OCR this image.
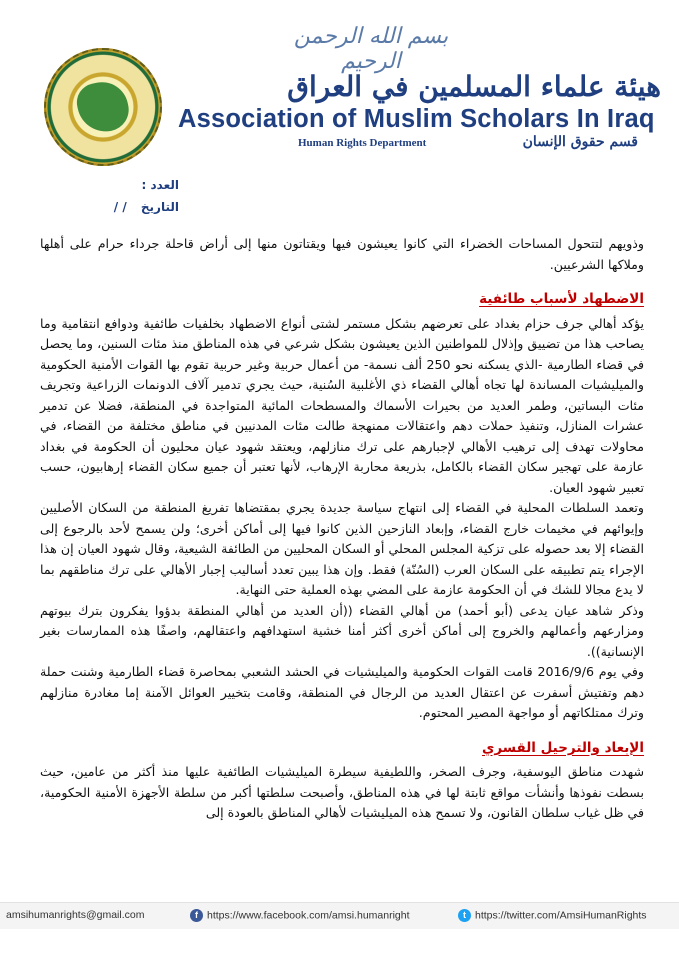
بسم الله الرحمن الرحيم
هيئة علماء المسلمين في العراق
Association of Muslim Scholars In Iraq
Human Rights Department	قسم حقوق الإنسان
العدد :
التاريخ / /

وذويهم لتتحول المساحات الخضراء التي كانوا يعيشون فيها ويقتاتون منها إلى أراض قاحلة جرداء حرام على أهلها وملاكها الشرعيين.

الاضطهاد لأسباب طائفية

يؤكد أهالي جرف حزام بغداد على تعرضهم بشكل مستمر لشتى أنواع الاضطهاد بخلفيات طائفية ودوافع انتقامية وما يصاحب هذا من تضييق وإذلال للمواطنين الذين يعيشون بشكل شرعي في هذه المناطق منذ مئات السنين، وما يحصل في قضاء الطارمية -الذي يسكنه نحو 250 ألف نسمة- من أعمال حربية وغير حربية تقوم بها القوات الأمنية الحكومية والميليشيات المساندة لها تجاه أهالي القضاء ذي الأغلبية السُنية، حيث يجري تدمير آلاف الدونمات الزراعية وتجريف مئات البساتين، وطمر العديد من بحيرات الأسماك والمسطحات المائية المتواجدة في المنطقة، فضلا عن تدمير عشرات المنازل، وتنفيذ حملات دهم واعتقالات ممنهجة طالت مئات المدنيين في مناطق مختلفة من القضاء، في محاولات تهدف إلى ترهيب الأهالي لإجبارهم على ترك منازلهم، ويعتقد شهود عيان محليون أن الحكومة في بغداد عازمة على تهجير سكان القضاء بالكامل، بذريعة محاربة الإرهاب، لأنها تعتبر أن جميع سكان القضاء إرهابيون، حسب تعبير شهود العيان.

وتعمد السلطات المحلية في القضاء إلى انتهاج سياسة جديدة يجري بمقتضاها تفريغ المنطقة من السكان الأصليين وإيوائهم في مخيمات خارج القضاء، وإبعاد النازحين الذين كانوا فيها إلى أماكن أخرى؛ ولن يسمح لأحد بالرجوع إلى القضاء إلا بعد حصوله على تزكية المجلس المحلي أو السكان المحليين من الطائفة الشيعية، وقال شهود العيان إن هذا الإجراء يتم تطبيقه على السكان العرب (السُنّة) فقط. وإن هذا يبين تعدد أساليب إجبار الأهالي على ترك مناطقهم بما لا يدع مجالا للشك في أن الحكومة عازمة على المضي بهذه العملية حتى النهاية.

وذكر شاهد عيان يدعى (أبو أحمد) من أهالي القضاء ((أن العديد من أهالي المنطقة بدؤوا يفكرون بترك بيوتهم ومزارعهم وأعمالهم والخروج إلى أماكن أخرى أكثر أمنا خشية استهدافهم واعتقالهم، واصفًا هذه الممارسات بغير الإنسانية)).

وفي يوم 2016/9/6 قامت القوات الحكومية والميليشيات في الحشد الشعبي بمحاصرة قضاء الطارمية وشنت حملة دهم وتفتيش أسفرت عن اعتقال العديد من الرجال في المنطقة، وقامت بتخيير العوائل الآمنة إما مغادرة منازلهم وترك ممتلكاتهم أو مواجهة المصير المحتوم.

الإبعاد والترحيل القسري

شهدت مناطق اليوسفية، وجرف الصخر، واللطيفية سيطرة الميليشيات الطائفية عليها منذ أكثر من عامين، حيث بسطت نفوذها وأنشأت مواقع ثابتة لها في هذه المناطق، وأصبحت سلطتها أكبر من سلطة الأجهزة الأمنية الحكومية، في ظل غياب سلطان القانون، ولا تسمح هذه الميليشيات لأهالي المناطق بالعودة إلى

amsihumanrights@gmail.com	f https://www.facebook.com/amsi.humanright	t https://twitter.com/AmsiHumanRights
